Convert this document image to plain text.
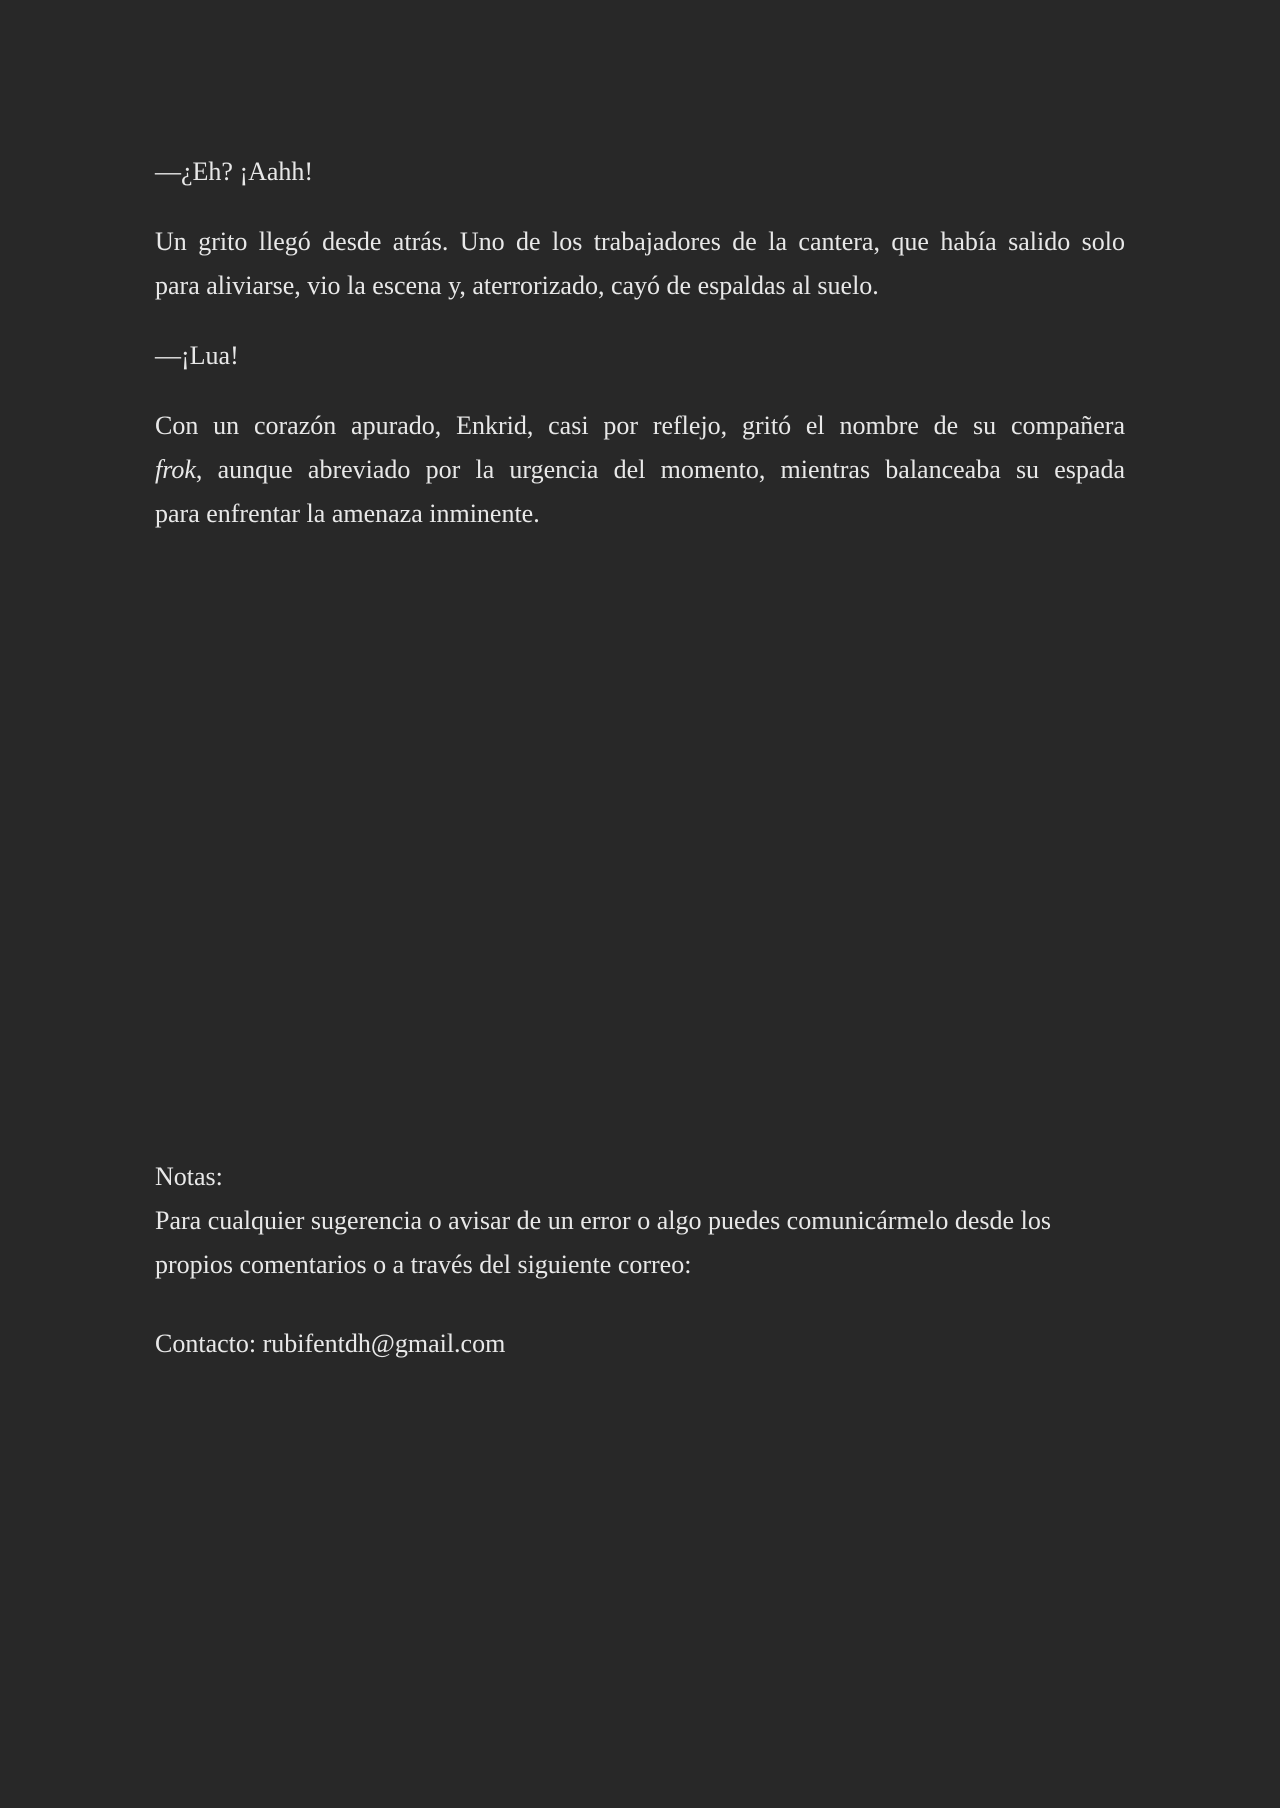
—¿Eh? ¡Aahh!

Un grito llegó desde atrás. Uno de los trabajadores de la cantera, que había salido solo
para aliviarse, vio la escena y, aterrorizado, cayó de espaldas al suelo.

—¡Lua!

Con un corazón apurado, Enkrid, casi por reflejo, gritó el nombre de su compañera
frok, aunque abreviado por la urgencia del momento, mientras balanceaba su espada
para enfrentar la amenaza inminente.

Notas:
Para cualquier sugerencia o avisar de un error o algo puedes comunicármelo desde los
propios comentarios o a través del siguiente correo:

Contacto: rubifentdh@gmail.com
